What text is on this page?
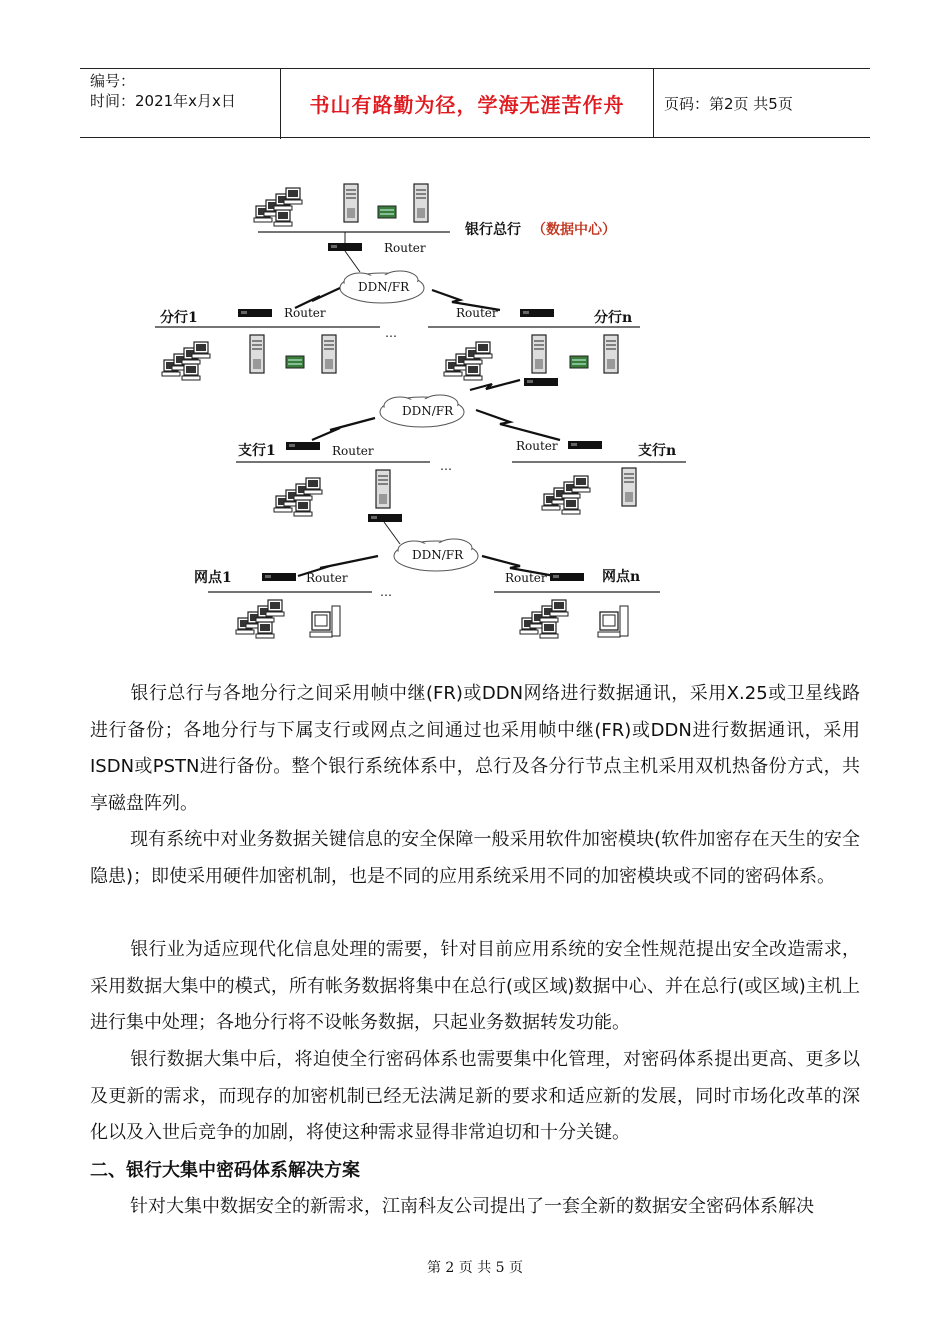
编号：
时间：2021年x月x日	书山有路勤为径，学海无涯苦作舟	页码：第2页 共5页
Router
银行总行 （数据中心）
DDN/FR
分行1	Router
…
Router	分行n
DDN/FR
支行1	Router
…
Router	支行n
DDN/FR
网点1	Router
…
Router	网点n

银行总行与各地分行之间采用帧中继(FR)或DDN网络进行数据通讯，采用X.25或卫星线路进行备份；各地分行与下属支行或网点之间通过也采用帧中继(FR)或DDN进行数据通讯，采用ISDN或PSTN进行备份。整个银行系统体系中，总行及各分行节点主机采用双机热备份方式，共享磁盘阵列。

现有系统中对业务数据关键信息的安全保障一般采用软件加密模块(软件加密存在天生的安全隐患)；即使采用硬件加密机制，也是不同的应用系统采用不同的加密模块或不同的密码体系。

银行业为适应现代化信息处理的需要，针对目前应用系统的安全性规范提出安全改造需求，采用数据大集中的模式，所有帐务数据将集中在总行(或区域)数据中心、并在总行(或区域)主机上进行集中处理；各地分行将不设帐务数据，只起业务数据转发功能。

银行数据大集中后，将迫使全行密码体系也需要集中化管理，对密码体系提出更高、更多以及更新的需求，而现存的加密机制已经无法满足新的要求和适应新的发展，同时市场化改革的深化以及入世后竞争的加剧，将使这种需求显得非常迫切和十分关键。

二、银行大集中密码体系解决方案

针对大集中数据安全的新需求，江南科友公司提出了一套全新的数据安全密码体系解决

第 2 页 共 5 页
